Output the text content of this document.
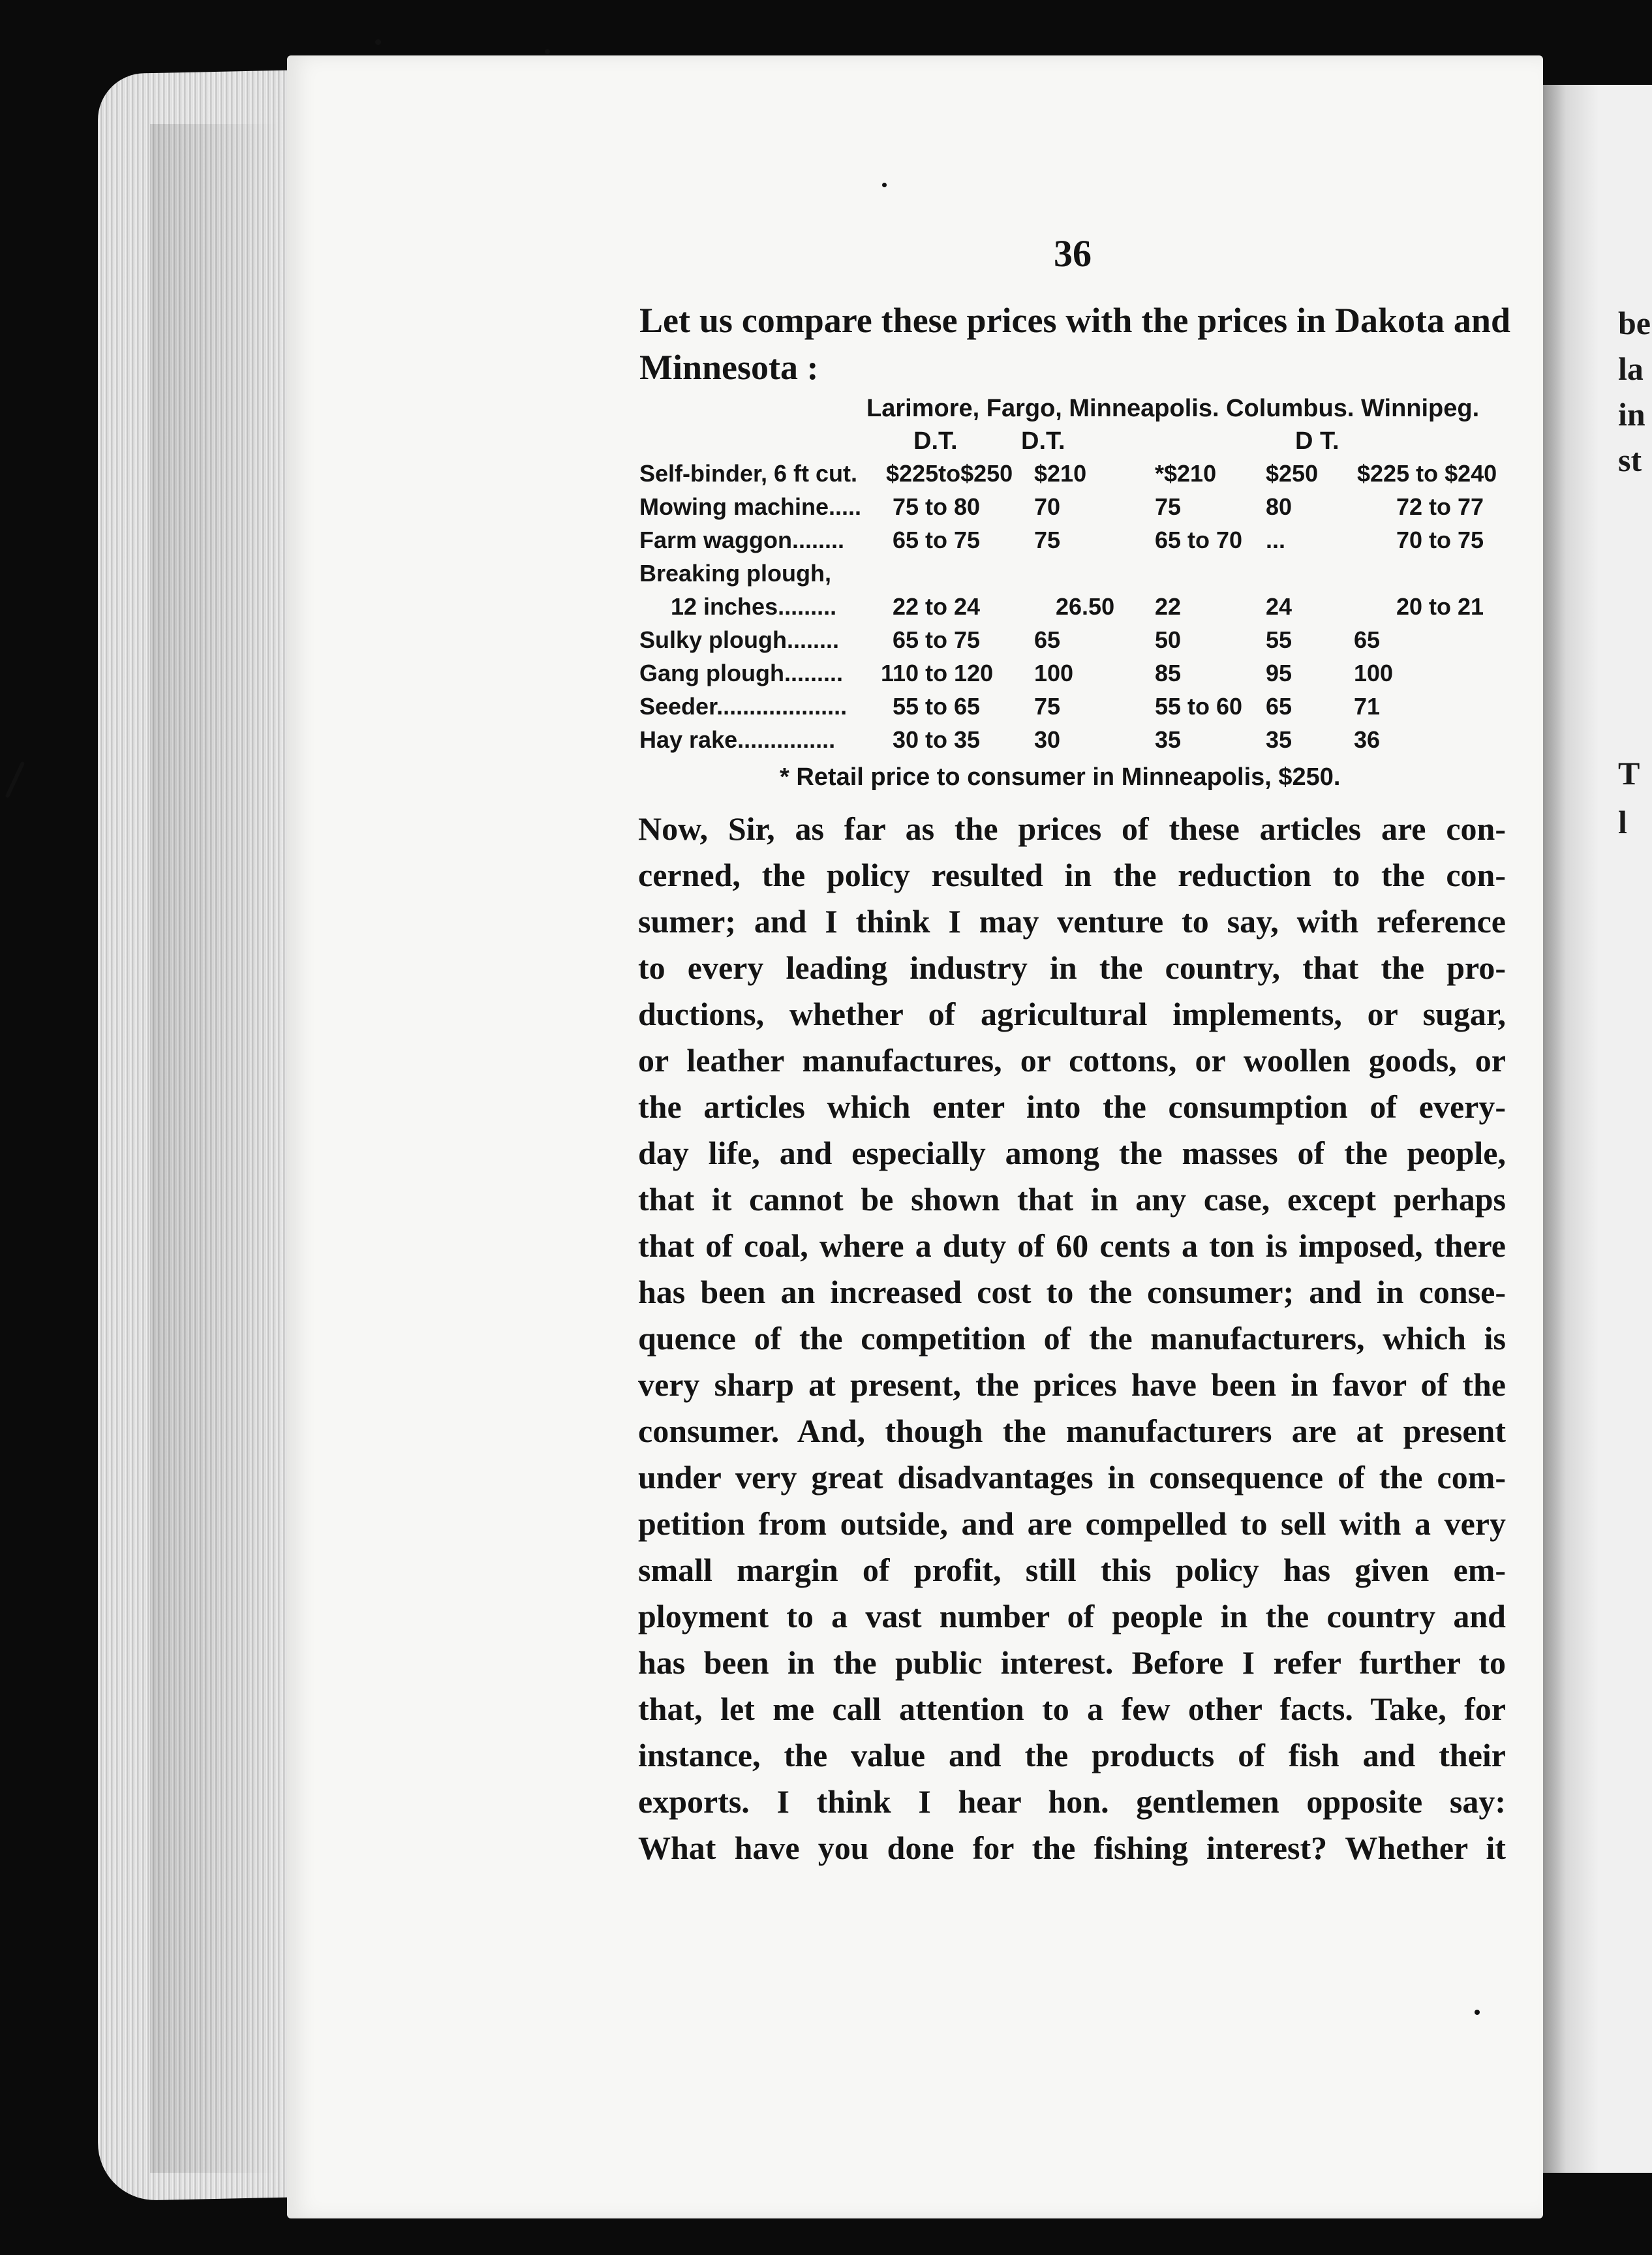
be
la
in
st
T
l
36
Let us compare these prices with the prices in Dakota and
Minnesota :
Larimore, Fargo, Minneapolis. Columbus. Winnipeg.
D.T.	D.T.	D T.
Self-binder, 6 ft cut. $225to$250 $210	*$210 $250 $225 to $240
Mowing machine..... 75 to 80 70	75	80	72 to 77
Farm waggon........ 65 to 75 75	65 to 70 ...	70 to 75
Breaking plough,
12 inches......... 22 to 24	26.50 22	24	20 to 21
Sulky plough........ 65 to 75 65	50	55	65
Gang plough......... 110 to 120 100	85	95	100
Seeder.................... 55 to 65 75	55 to 60 65	71
Hay rake............... 30 to 35 30	35	35	36
* Retail price to consumer in Minneapolis, $250.
Now, Sir, as far as the prices of these articles are con-
cerned, the policy resulted in the reduction to the con-
sumer; and I think I may venture to say, with reference
to every leading industry in the country, that the pro-
ductions, whether of agricultural implements, or sugar,
or leather manufactures, or cottons, or woollen goods, or
the articles which enter into the consumption of every-
day life, and especially among the masses of the people,
that it cannot be shown that in any case, except perhaps
that of coal, where a duty of 60 cents a ton is imposed, there
has been an increased cost to the consumer; and in conse-
quence of the competition of the manufacturers, which is
very sharp at present, the prices have been in favor of the
consumer. And, though the manufacturers are at present
under very great disadvantages in consequence of the com-
petition from outside, and are compelled to sell with a very
small margin of profit, still this policy has given em-
ployment to a vast number of people in the country and
has been in the public interest. Before I refer further to
that, let me call attention to a few other facts. Take, for
instance, the value and the products of fish and their
exports. I think I hear hon. gentlemen opposite say:
What have you done for the fishing interest? Whether it
